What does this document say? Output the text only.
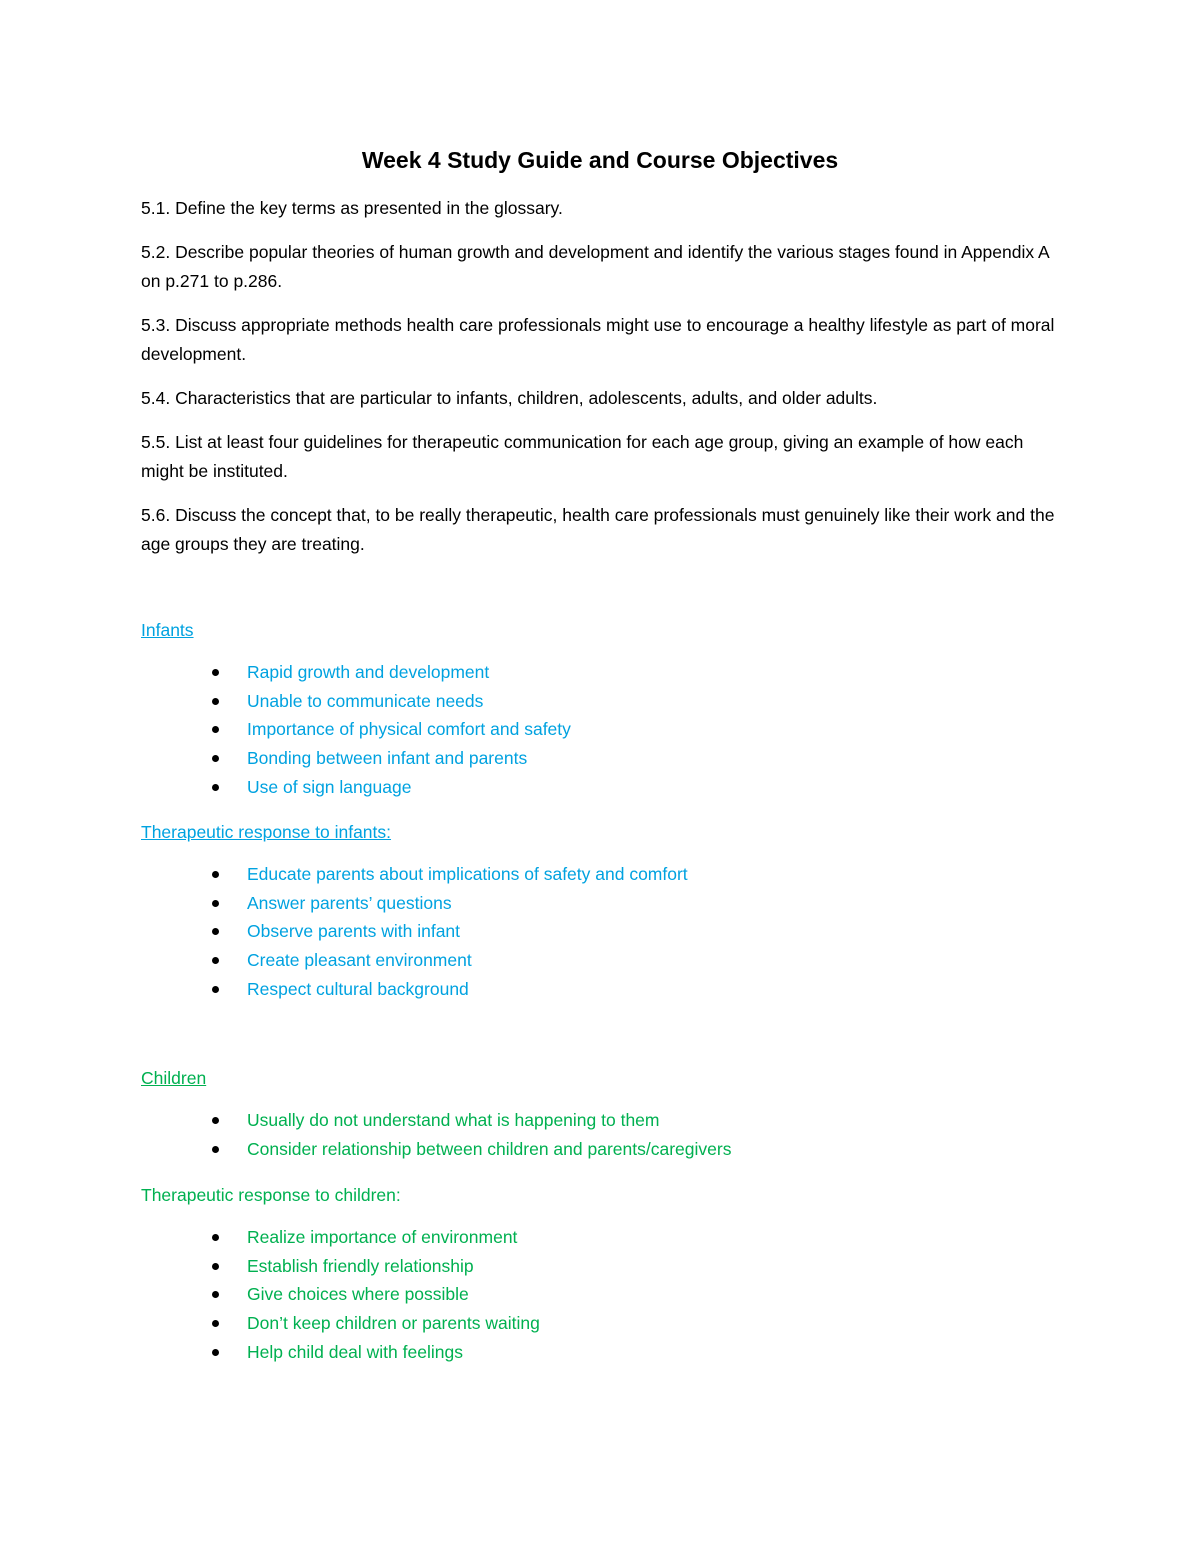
Week 4 Study Guide and Course Objectives

5.1. Define the key terms as presented in the glossary.

5.2. Describe popular theories of human growth and development and identify the various stages found in Appendix A on p.271 to p.286.

5.3. Discuss appropriate methods health care professionals might use to encourage a healthy lifestyle as part of moral development.

5.4. Characteristics that are particular to infants, children, adolescents, adults, and older adults.

5.5. List at least four guidelines for therapeutic communication for each age group, giving an example of how each might be instituted.

5.6. Discuss the concept that, to be really therapeutic, health care professionals must genuinely like their work and the age groups they are treating.

Infants

Rapid growth and development
Unable to communicate needs
Importance of physical comfort and safety
Bonding between infant and parents
Use of sign language

Therapeutic response to infants:

Educate parents about implications of safety and comfort
Answer parents’ questions
Observe parents with infant
Create pleasant environment
Respect cultural background

Children

Usually do not understand what is happening to them
Consider relationship between children and parents/caregivers

Therapeutic response to children:

Realize importance of environment
Establish friendly relationship
Give choices where possible
Don’t keep children or parents waiting
Help child deal with feelings
